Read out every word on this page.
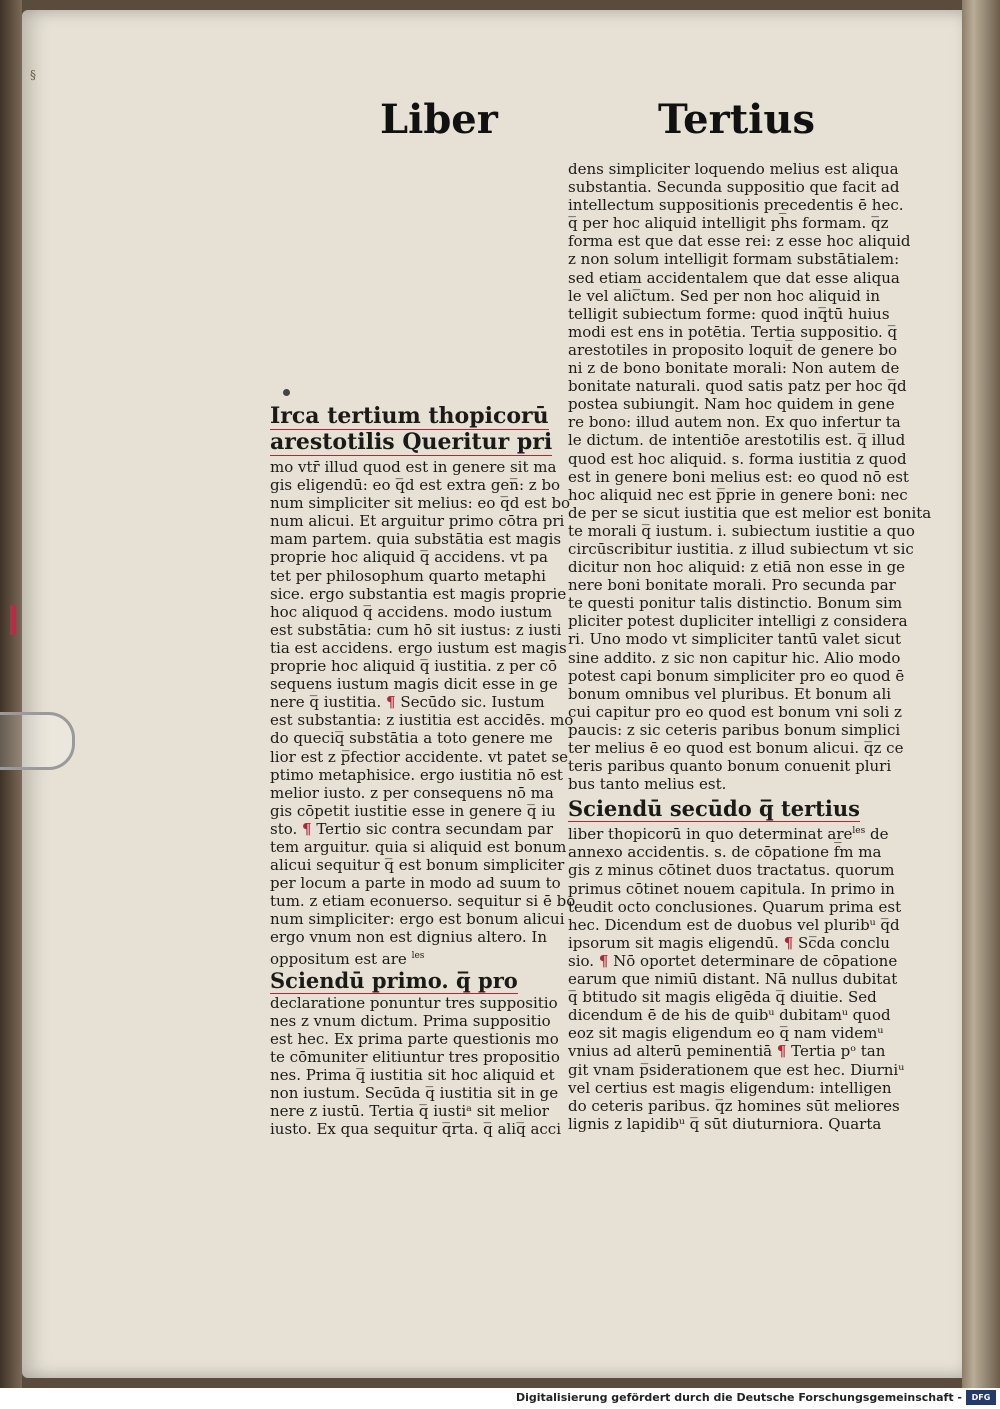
§
Liber	Tertius

Irca tertium thopicorū

arestotilis Queritur pri

mo vtr̄ illud quod est in genere sit ma

gis eligendū: eo q̅d est extra gen̅: z bo

num simpliciter sit melius: eo q̅d est bo

num alicui. Et arguitur primo cōtra pri

mam partem. quia substātia est magis

proprie hoc aliquid q̅ accidens. vt pa

tet per philosophum quarto metaphi

sice. ergo substantia est magis proprie

hoc aliquod q̅ accidens. modo iustum

est substātia: cum hō sit iustus: z iusti

tia est accidens. ergo iustum est magis

proprie hoc aliquid q̅ iustitia. z per cō

sequens iustum magis dicit esse in ge

nere q̅ iustitia. ¶ Secūdo sic. Iustum

est substantia: z iustitia est accidēs. mo

do queciq̅ substātia a toto genere me

lior est z p̅fectior accidente. vt patet se

ptimo metaphisice. ergo iustitia nō est

melior iusto. z per consequens nō ma

gis cōpetit iustitie esse in genere q̅ iu

sto. ¶ Tertio sic contra secundam par

tem arguitur. quia si aliquid est bonum

alicui sequitur q̅ est bonum simpliciter

per locum a parte in modo ad suum to

tum. z etiam econuerso. sequitur si ē bo

num simpliciter: ergo est bonum alicui

ergo vnum non est dignius altero. In

oppositum est are $^{les}$

Sciendū primo. q̅ pro

declaratione ponuntur tres suppositio

nes z vnum dictum. Prima suppositio

est hec. Ex prima parte questionis mo

te cōmuniter elitiuntur tres propositio

nes. Prima q̅ iustitia sit hoc aliquid et

non iustum. Secūda q̅ iustitia sit in ge

nere z iustū. Tertia q̅ iustiᵃ sit melior

iusto. Ex qua sequitur q̅rta. q̅ aliq̅ acci

dens simpliciter loquendo melius est aliqua

substantia. Secunda suppositio que facit ad

intellectum suppositionis precedentis ē hec.

q̅ per hoc aliquid intelligit ph̅s formam. q̅z

forma est que dat esse rei: z esse hoc aliquid

z non solum intelligit formam substātialem:

sed etiam accidentalem que dat esse aliqua

le vel alic̅tum. Sed per non hoc aliquid in

telligit subiectum forme: quod inq̅tū huius

modi est ens in potētia. Tertia suppositio. q̅

arestotiles in proposito loquit̅ de genere bo

ni z de bono bonitate morali: Non autem de

bonitate naturali. quod satis patz per hoc q̅d

postea subiungit. Nam hoc quidem in gene

re bono: illud autem non. Ex quo infertur ta

le dictum. de intentiōe arestotilis est. q̅ illud

quod est hoc aliquid. s. forma iustitia z quod

est in genere boni melius est: eo quod nō est

hoc aliquid nec est p̅prie in genere boni: nec

de per se sicut iustitia que est melior est bonita

te morali q̅ iustum. i. subiectum iustitie a quo

circūscribitur iustitia. z illud subiectum vt sic

dicitur non hoc aliquid: z etiā non esse in ge

nere boni bonitate morali. Pro secunda par

te questi ponitur talis distinctio. Bonum sim

pliciter potest dupliciter intelligi z considera

ri. Uno modo vt simpliciter tantū valet sicut

sine addito. z sic non capitur hic. Alio modo

potest capi bonum simpliciter pro eo quod ē

bonum omnibus vel pluribus. Et bonum ali

cui capitur pro eo quod est bonum vni soli z

paucis: z sic ceteris paribus bonum simplici

ter melius ē eo quod est bonum alicui. q̅z ce

teris paribus quanto bonum conuenit pluri

bus tanto melius est.

Sciendū secūdo q̅ tertius

liber thopicorū in quo determinat are$^{les}$ de

annexo accidentis. s. de cōpatione f̅m ma

gis z minus cōtinet duos tractatus. quorum

primus cōtinet nouem capitula. In primo in

teudit octo conclusiones. Quarum prima est

hec. Dicendum est de duobus vel pluribᵘ q̅d

ipsorum sit magis eligendū. ¶ Sc̅da conclu

sio. ¶ Nō oportet determinare de cōpatione

earum que nimiū distant. Nā nullus dubitat

q̅ btitudo sit magis eligēda q̅ diuitie. Sed

dicendum ē de his de quibᵘ dubitamᵘ quod

eoz sit magis eligendum eo q̅ nam videmᵘ

vnius ad alterū peminentiā ¶ Tertia pᵒ tan

git vnam p̅siderationem que est hec. Diurniᵘ

vel certius est magis eligendum: intelligen

do ceteris paribus. q̅z homines sūt meliores

lignis z lapidibᵘ q̅ sūt diuturniora. Quarta

Digitalisierung gefördert durch die Deutsche Forschungsgemeinschaft -	DFG
